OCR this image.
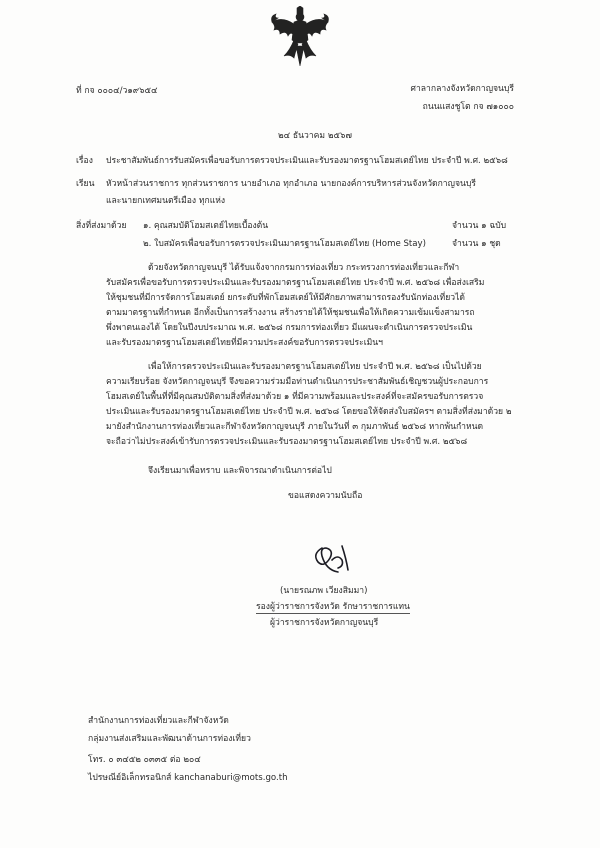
ที่ กจ ๐๐๐๔/ว๑๙๖๕๔	ศาลากลางจังหวัดกาญจนบุรี
ถนนแสงชูโต กจ ๗๑๐๐๐
๒๔ ธันวาคม ๒๕๖๗
เรื่อง ประชาสัมพันธ์การรับสมัครเพื่อขอรับการตรวจประเมินและรับรองมาตรฐานโฮมสเตย์ไทย ประจำปี พ.ศ. ๒๕๖๘
เรียน หัวหน้าส่วนราชการ ทุกส่วนราชการ นายอำเภอ ทุกอำเภอ นายกองค์การบริหารส่วนจังหวัดกาญจนบุรี
และนายกเทศมนตรีเมือง ทุกแห่ง
สิ่งที่ส่งมาด้วย ๑. คุณสมบัติโฮมสเตย์ไทยเบื้องต้น	จำนวน ๑ ฉบับ
๒. ใบสมัครเพื่อขอรับการตรวจประเมินมาตรฐานโฮมสเตย์ไทย (Home Stay)	จำนวน ๑ ชุด
ด้วยจังหวัดกาญจนบุรี ได้รับแจ้งจากกรมการท่องเที่ยว กระทรวงการท่องเที่ยวและกีฬา
รับสมัครเพื่อขอรับการตรวจประเมินและรับรองมาตรฐานโฮมสเตย์ไทย ประจำปี พ.ศ. ๒๕๖๘ เพื่อส่งเสริม
ให้ชุมชนที่มีการจัดการโฮมสเตย์ ยกระดับที่พักโฮมสเตย์ให้มีศักยภาพสามารถรองรับนักท่องเที่ยวได้
ตามมาตรฐานที่กำหนด อีกทั้งเป็นการสร้างงาน สร้างรายได้ให้ชุมชนเพื่อให้เกิดความเข้มแข็งสามารถ
พึ่งพาตนเองได้ โดยในปีงบประมาณ พ.ศ. ๒๕๖๘ กรมการท่องเที่ยว มีแผนจะดำเนินการตรวจประเมิน
และรับรองมาตรฐานโฮมสเตย์ไทยที่มีความประสงค์ขอรับการตรวจประเมินฯ
เพื่อให้การตรวจประเมินและรับรองมาตรฐานโฮมสเตย์ไทย ประจำปี พ.ศ. ๒๕๖๘ เป็นไปด้วย
ความเรียบร้อย จังหวัดกาญจนบุรี จึงขอความร่วมมือท่านดำเนินการประชาสัมพันธ์เชิญชวนผู้ประกอบการ
โฮมสเตย์ในพื้นที่ที่มีคุณสมบัติตามสิ่งที่ส่งมาด้วย ๑ ที่มีความพร้อมและประสงค์ที่จะสมัครขอรับการตรวจ
ประเมินและรับรองมาตรฐานโฮมสเตย์ไทย ประจำปี พ.ศ. ๒๕๖๘ โดยขอให้จัดส่งใบสมัครฯ ตามสิ่งที่ส่งมาด้วย ๒
มายังสำนักงานการท่องเที่ยวและกีฬาจังหวัดกาญจนบุรี ภายในวันที่ ๓ กุมภาพันธ์ ๒๕๖๘ หากพ้นกำหนด
จะถือว่าไม่ประสงค์เข้ารับการตรวจประเมินและรับรองมาตรฐานโฮมสเตย์ไทย ประจำปี พ.ศ. ๒๕๖๘
จึงเรียนมาเพื่อทราบ และพิจารณาดำเนินการต่อไป
ขอแสดงความนับถือ
(นายรณภพ เวียงสิมมา)
รองผู้ว่าราชการจังหวัด รักษาราชการแทน
ผู้ว่าราชการจังหวัดกาญจนบุรี
สำนักงานการท่องเที่ยวและกีฬาจังหวัด
กลุ่มงานส่งเสริมและพัฒนาด้านการท่องเที่ยว
โทร. ๐ ๓๔๕๒ ๐๓๓๕ ต่อ ๒๐๔
ไปรษณีย์อิเล็กทรอนิกส์ kanchanaburi@mots.go.th
